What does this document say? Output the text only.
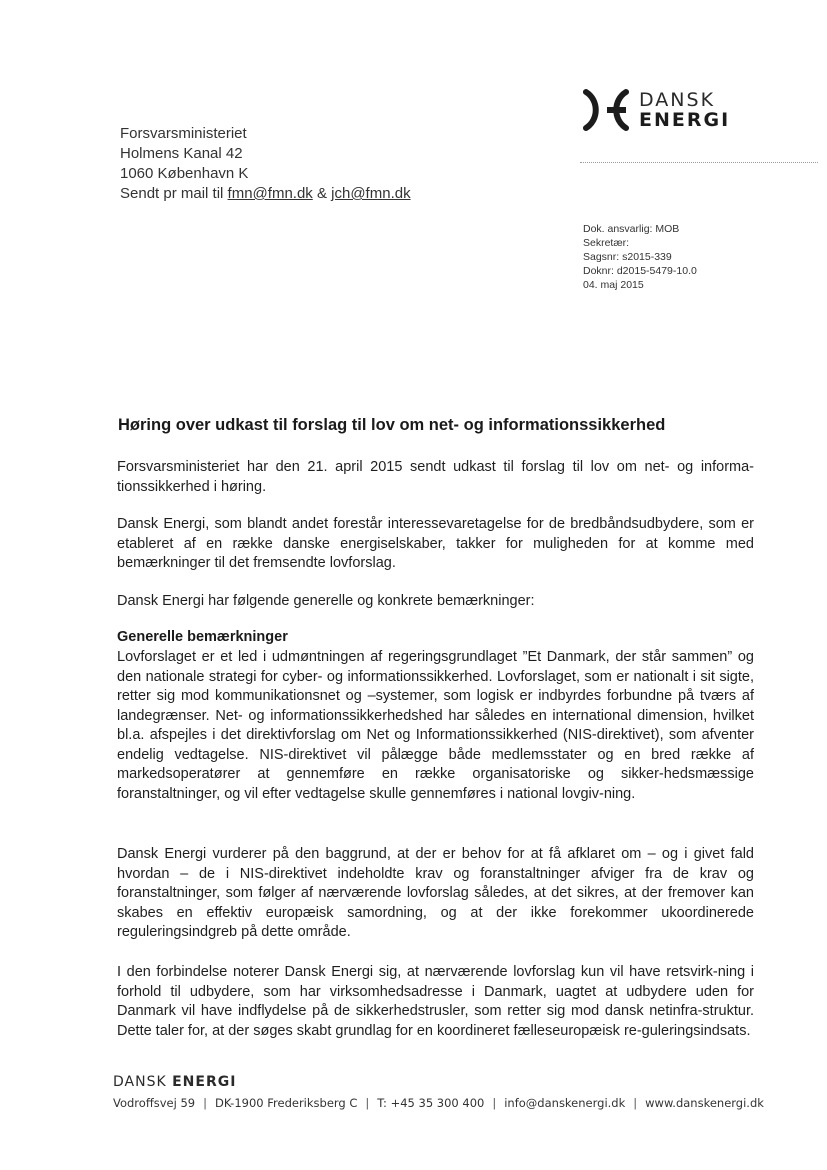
DANSK
ENERGI
Forsvarsministeriet
Holmens Kanal 42
1060 København K
Sendt pr mail til fmn@fmn.dk & jch@fmn.dk
Dok. ansvarlig: MOB
Sekretær:
Sagsnr: s2015-339
Doknr: d2015-5479-10.0
04. maj 2015
Høring over udkast til forslag til lov om net- og informationssikkerhed
Forsvarsministeriet har den 21. april 2015 sendt udkast til forslag til lov om net- og informa-tionssikkerhed i høring.
Dansk Energi, som blandt andet forestår interessevaretagelse for de bredbåndsudbydere, som er etableret af en række danske energiselskaber, takker for muligheden for at komme med bemærkninger til det fremsendte lovforslag.
Dansk Energi har følgende generelle og konkrete bemærkninger:
Generelle bemærkninger
Lovforslaget er et led i udmøntningen af regeringsgrundlaget ”Et Danmark, der står sammen” og den nationale strategi for cyber- og informationssikkerhed. Lovforslaget, som er nationalt i sit sigte, retter sig mod kommunikationsnet og –systemer, som logisk er indbyrdes forbundne på tværs af landegrænser. Net- og informationssikkerhedshed har således en international dimension, hvilket bl.a. afspejles i det direktivforslag om Net og Informationssikkerhed (NIS-direktivet), som afventer endelig vedtagelse. NIS-direktivet vil pålægge både medlemsstater og en bred række af markedsoperatører at gennemføre en række organisatoriske og sikker-hedsmæssige foranstaltninger, og vil efter vedtagelse skulle gennemføres i national lovgiv-ning.
Dansk Energi vurderer på den baggrund, at der er behov for at få afklaret om – og i givet fald hvordan – de i NIS-direktivet indeholdte krav og foranstaltninger afviger fra de krav og foranstaltninger, som følger af nærværende lovforslag således, at det sikres, at der fremover kan skabes en effektiv europæisk samordning, og at der ikke forekommer ukoordinerede reguleringsindgreb på dette område.
I den forbindelse noterer Dansk Energi sig, at nærværende lovforslag kun vil have retsvirk-ning i forhold til udbydere, som har virksomhedsadresse i Danmark, uagtet at udbydere uden for Danmark vil have indflydelse på de sikkerhedstrusler, som retter sig mod dansk netinfra-struktur. Dette taler for, at der søges skabt grundlag for en koordineret fælleseuropæisk re-guleringsindsats.
DANSK ENERGI
Vodroffsvej 59 | DK-1900 Frederiksberg C | T: +45 35 300 400 | info@danskenergi.dk | www.danskenergi.dk
